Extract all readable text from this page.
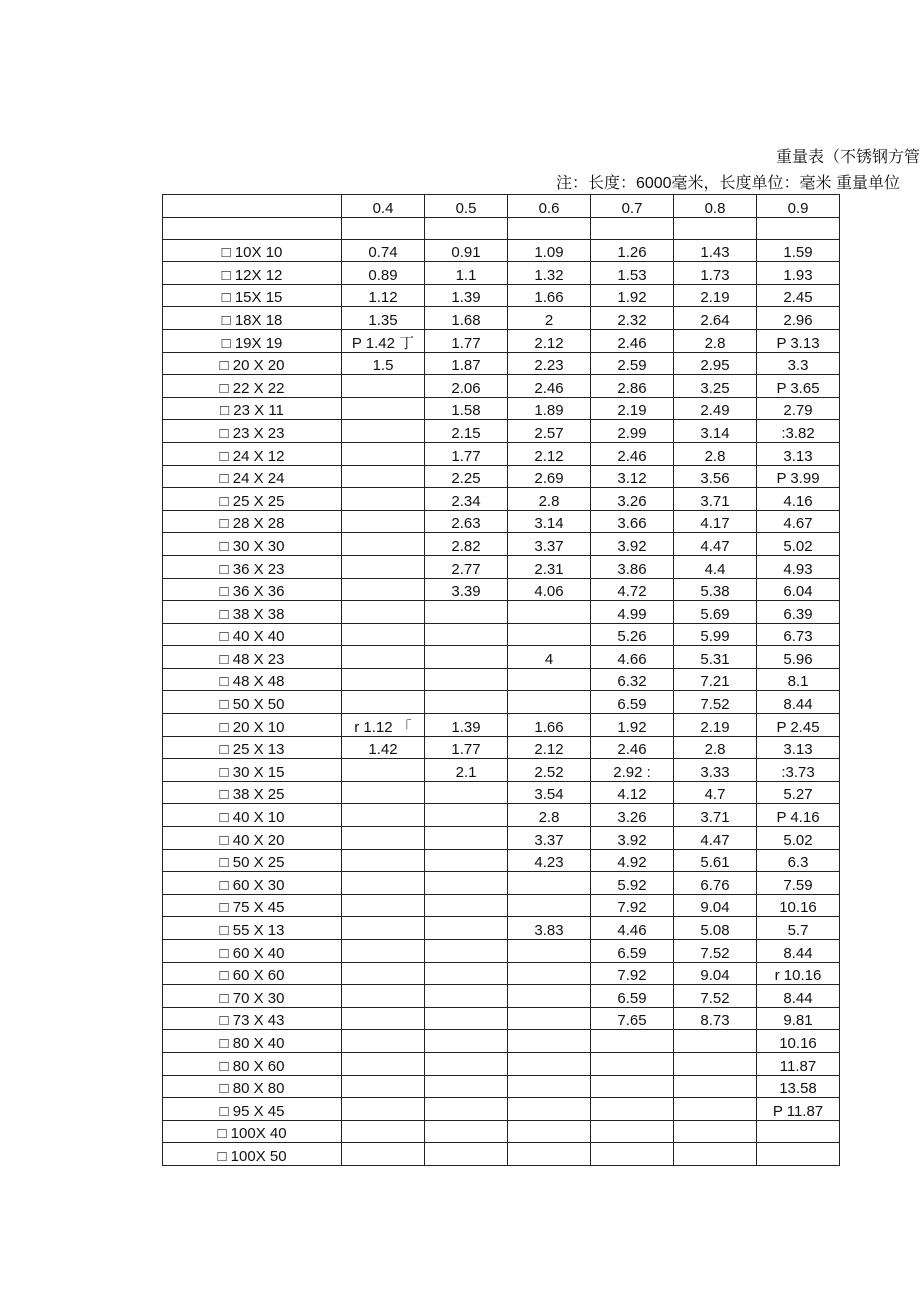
重量表（不锈钢方管
注：长度：6000毫米，长度单位：毫米 重量单位
	0.4	0.5	0.6	0.7	0.8	0.9

□ 10X 10	0.74	0.91	1.09	1.26	1.43	1.59
□ 12X 12	0.89	1.1	1.32	1.53	1.73	1.93
□ 15X 15	1.12	1.39	1.66	1.92	2.19	2.45
□ 18X 18	1.35	1.68	2	2.32	2.64	2.96
□ 19X 19	P 1.42 丁	1.77	2.12	2.46	2.8	P 3.13
□ 20 X 20	1.5	1.87	2.23	2.59	2.95	3.3
□ 22 X 22		2.06	2.46	2.86	3.25	P 3.65
□ 23 X 11		1.58	1.89	2.19	2.49	2.79
□ 23 X 23		2.15	2.57	2.99	3.14	:3.82
□ 24 X 12		1.77	2.12	2.46	2.8	3.13
□ 24 X 24		2.25	2.69	3.12	3.56	P 3.99
□ 25 X 25		2.34	2.8	3.26	3.71	4.16
□ 28 X 28		2.63	3.14	3.66	4.17	4.67
□ 30 X 30		2.82	3.37	3.92	4.47	5.02
□ 36 X 23		2.77	2.31	3.86	4.4	4.93
□ 36 X 36		3.39	4.06	4.72	5.38	6.04
□ 38 X 38				4.99	5.69	6.39
□ 40 X 40				5.26	5.99	6.73
□ 48 X 23			4	4.66	5.31	5.96
□ 48 X 48				6.32	7.21	8.1
□ 50 X 50				6.59	7.52	8.44
□ 20 X 10	r 1.12 「	1.39	1.66	1.92	2.19	P 2.45
□ 25 X 13	1.42	1.77	2.12	2.46	2.8	3.13
□ 30 X 15		2.1	2.52	2.92 :	3.33	:3.73
□ 38 X 25			3.54	4.12	4.7	5.27
□ 40 X 10			2.8	3.26	3.71	P 4.16
□ 40 X 20			3.37	3.92	4.47	5.02
□ 50 X 25			4.23	4.92	5.61	6.3
□ 60 X 30				5.92	6.76	7.59
□ 75 X 45				7.92	9.04	10.16
□ 55 X 13			3.83	4.46	5.08	5.7
□ 60 X 40				6.59	7.52	8.44
□ 60 X 60				7.92	9.04	r 10.16
□ 70 X 30				6.59	7.52	8.44
□ 73 X 43				7.65	8.73	9.81
□ 80 X 40						10.16
□ 80 X 60						11.87
□ 80 X 80						13.58
□ 95 X 45						P 11.87
□ 100X 40						
□ 100X 50						
